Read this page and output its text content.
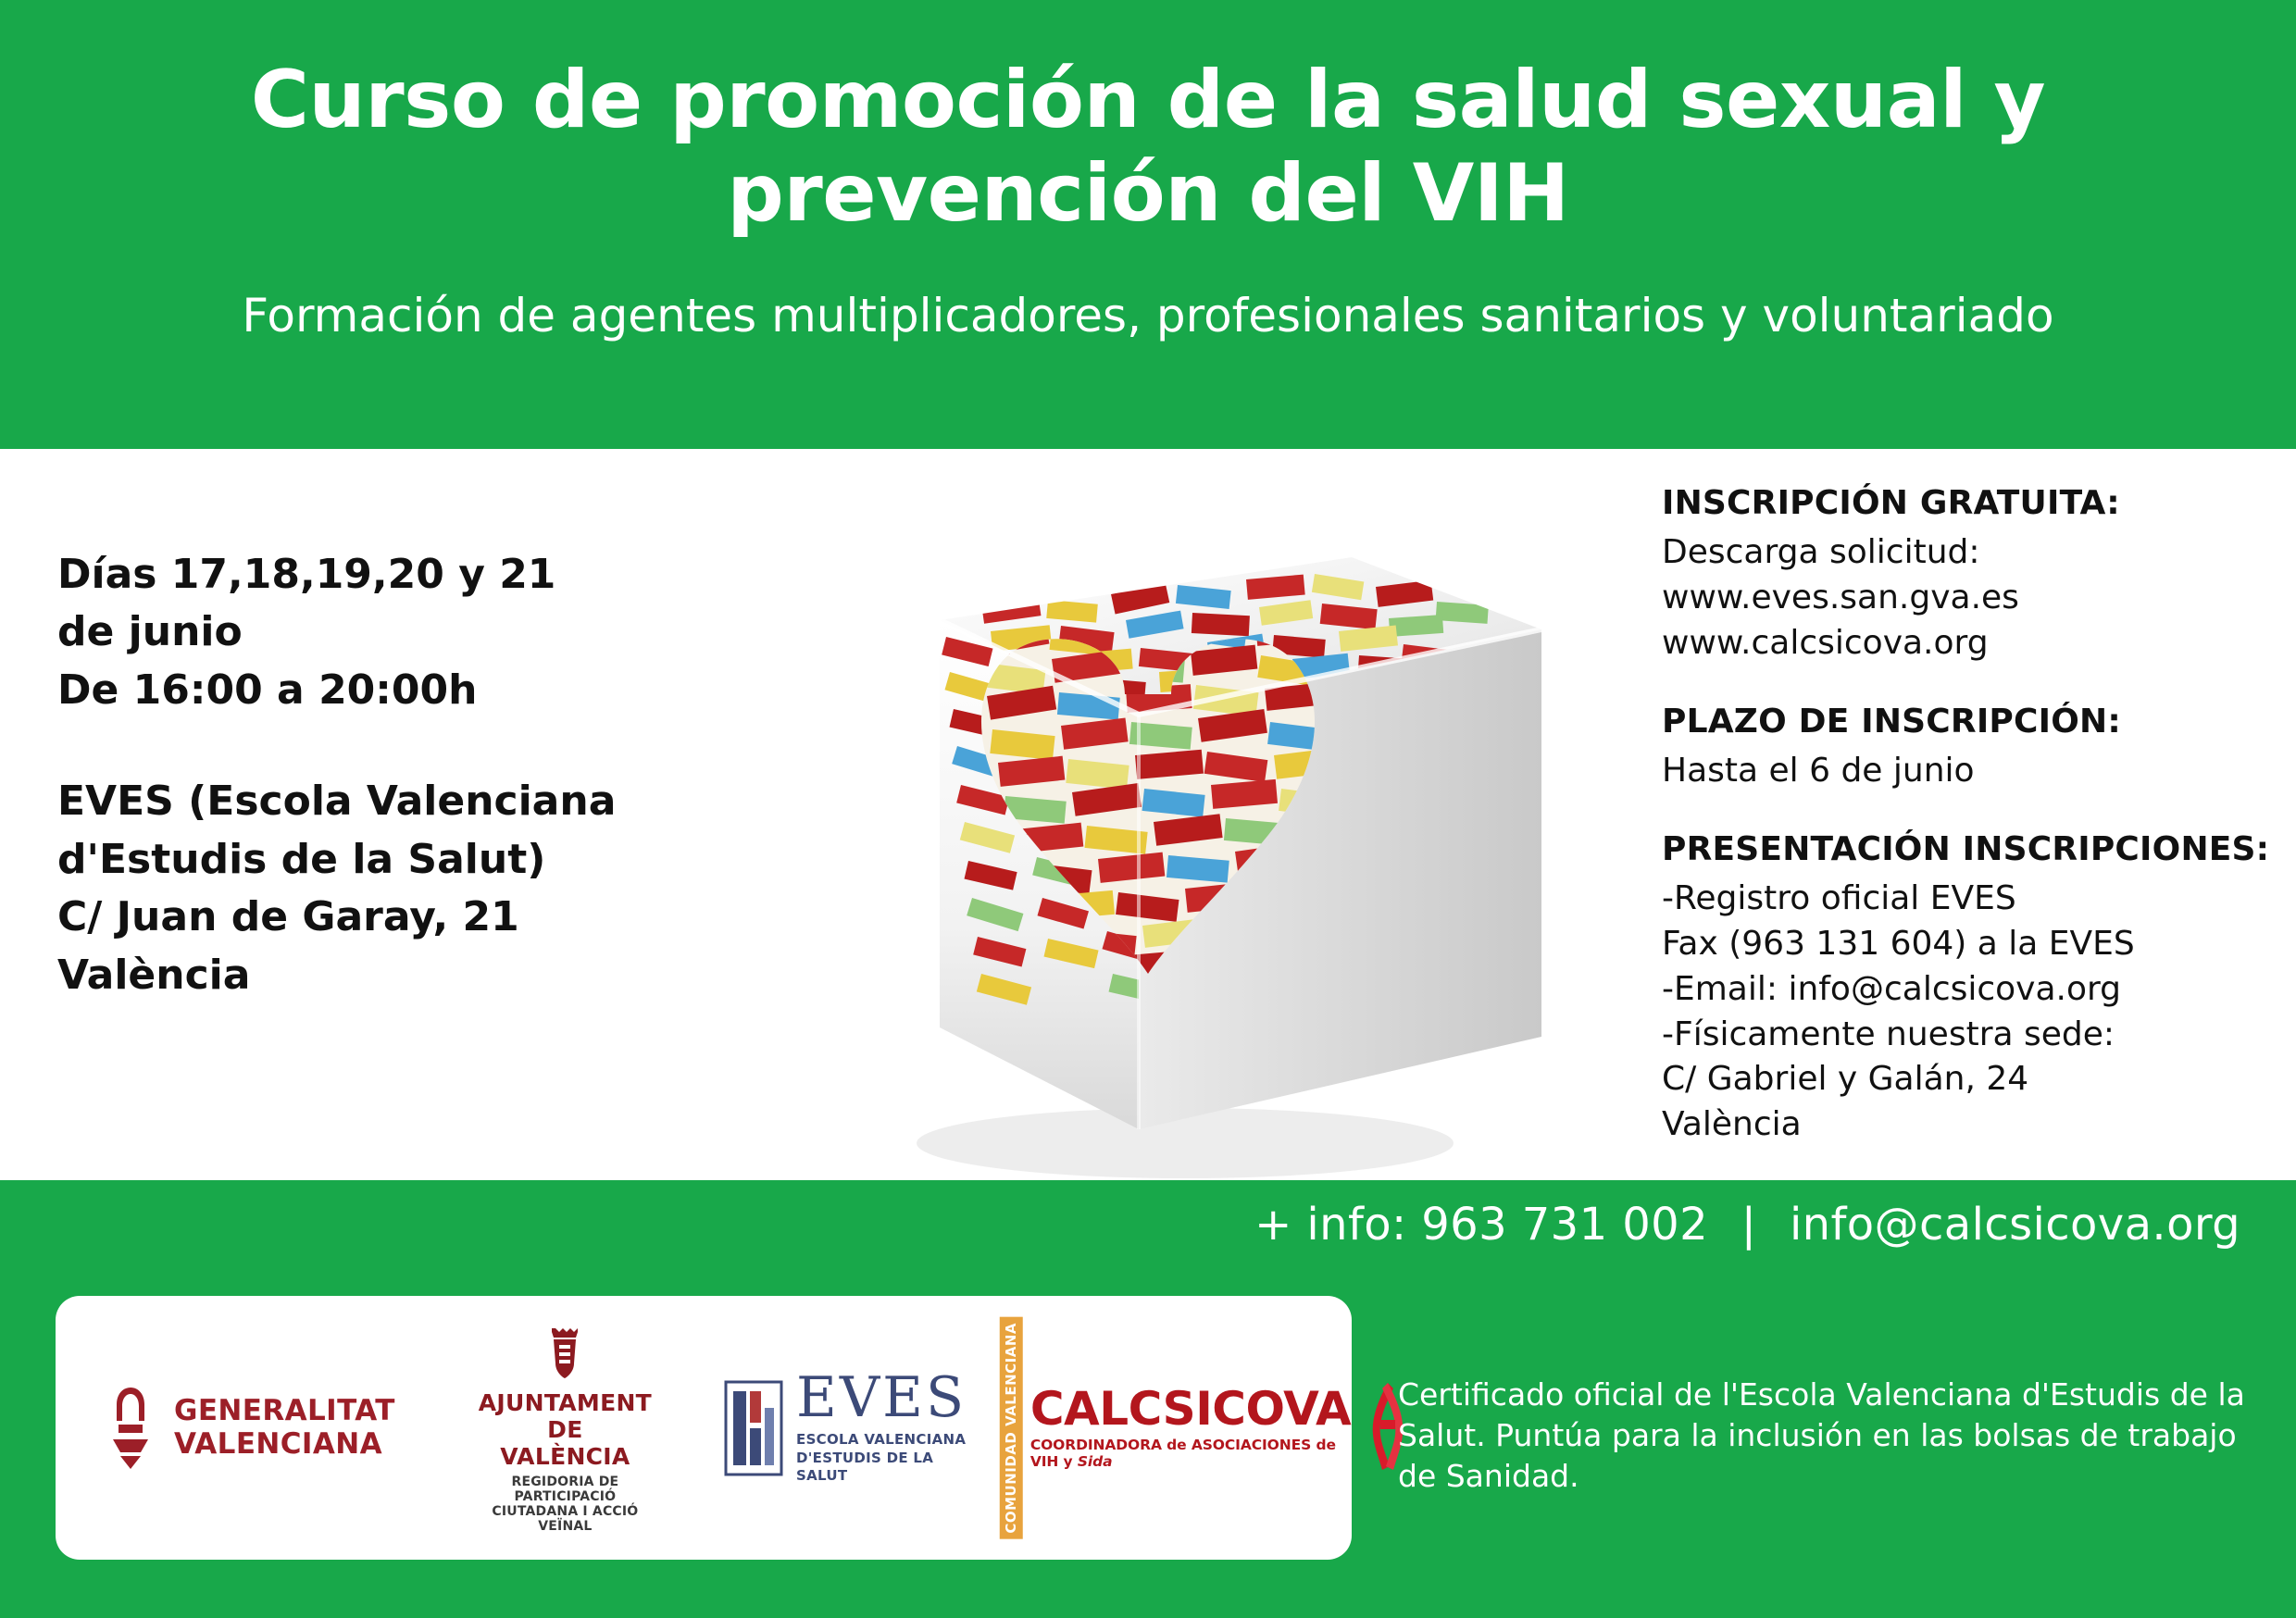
Curso de promoción de la salud sexual y prevención del VIH
Formación de agentes multiplicadores, profesionales sanitarios y voluntariado
Días 17,18,19,20 y 21
de junio
De 16:00 a 20:00h
EVES (Escola Valenciana
d'Estudis de la Salut)
C/ Juan de Garay, 21
València
INSCRIPCIÓN GRATUITA:

Descarga solicitud:

www.eves.san.gva.es

www.calcsicova.org

PLAZO DE INSCRIPCIÓN:

Hasta el 6 de junio

PRESENTACIÓN INSCRIPCIONES:

-Registro oficial EVES

Fax (963 131 604) a la EVES

-Email: info@calcsicova.org

-Físicamente nuestra sede:

C/ Gabriel y Galán, 24

València

+ info: 963 731 002 | info@calcsicova.org
GENERALITAT
VALENCIANA
AJUNTAMENT DE VALÈNCIA
REGIDORIA DE PARTICIPACIÓ CIUTADANA I ACCIÓ VEÏNAL
EVES
ESCOLA VALENCIANA
D'ESTUDIS DE LA SALUT	COMUNIDAD VALENCIANA CALCSICOVA
COORDINADORA de ASOCIACIONES de VIH y Sida
Certificado oficial de l'Escola Valenciana d'Estudis de la
Salut. Puntúa para la inclusión en las bolsas de trabajo
de Sanidad.
